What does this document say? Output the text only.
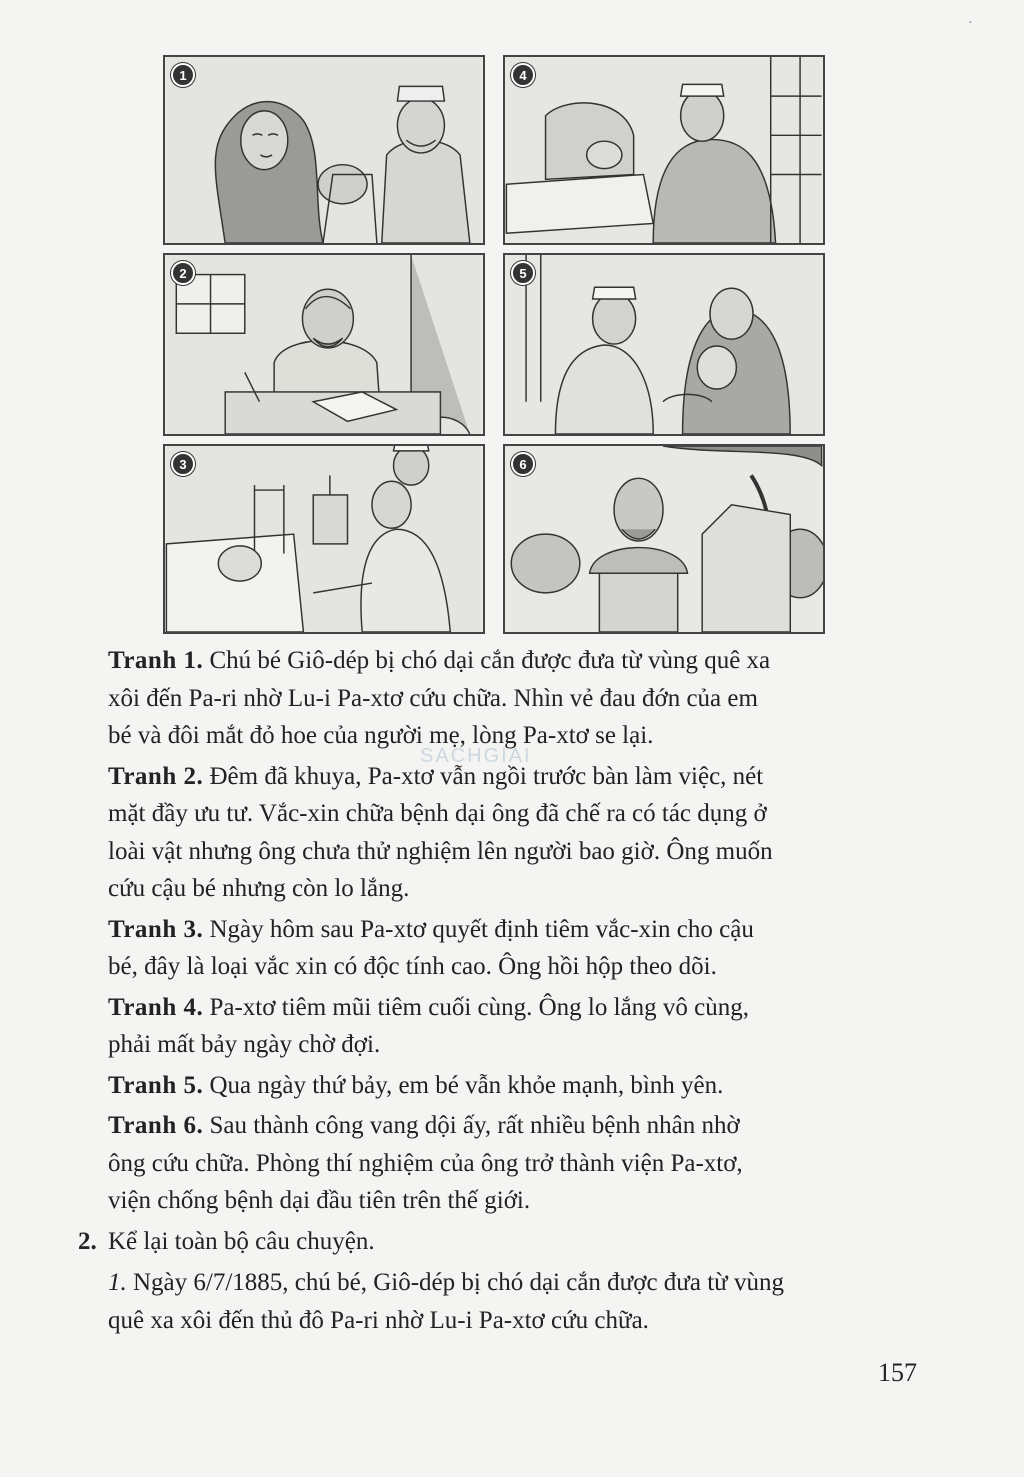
·
1	4
2	5
3	6
SACHGIAI

Tranh 1. Chú bé Giô-dép bị chó dại cắn được đưa từ vùng quê xa
xôi đến Pa-ri nhờ Lu-i Pa-xtơ cứu chữa. Nhìn vẻ đau đớn của em
bé và đôi mắt đỏ hoe của người mẹ, lòng Pa-xtơ se lại.

Tranh 2. Đêm đã khuya, Pa-xtơ vẫn ngồi trước bàn làm việc, nét
mặt đầy ưu tư. Vắc-xin chữa bệnh dại ông đã chế ra có tác dụng ở
loài vật nhưng ông chưa thử nghiệm lên người bao giờ. Ông muốn
cứu cậu bé nhưng còn lo lắng.

Tranh 3. Ngày hôm sau Pa-xtơ quyết định tiêm vắc-xin cho cậu
bé, đây là loại vắc xin có độc tính cao. Ông hồi hộp theo dõi.

Tranh 4. Pa-xtơ tiêm mũi tiêm cuối cùng. Ông lo lắng vô cùng,
phải mất bảy ngày chờ đợi.

Tranh 5. Qua ngày thứ bảy, em bé vẫn khỏe mạnh, bình yên.

Tranh 6. Sau thành công vang dội ấy, rất nhiều bệnh nhân nhờ
ông cứu chữa. Phòng thí nghiệm của ông trở thành viện Pa-xtơ,
viện chống bệnh dại đầu tiên trên thế giới.

2. Kể lại toàn bộ câu chuyện.

1. Ngày 6/7/1885, chú bé, Giô-dép bị chó dại cắn được đưa từ vùng
quê xa xôi đến thủ đô Pa-ri nhờ Lu-i Pa-xtơ cứu chữa.

157
